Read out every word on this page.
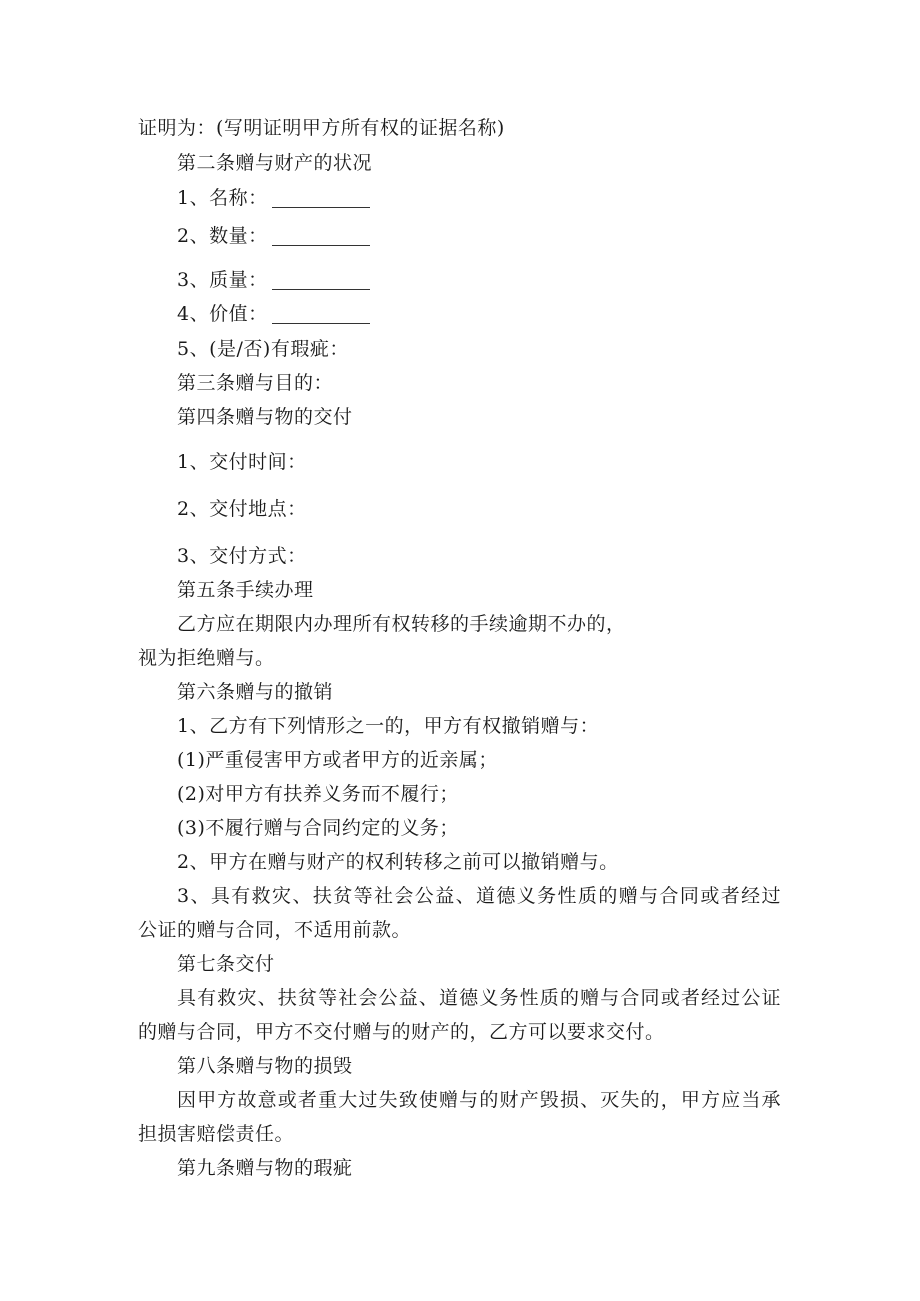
证明为：(写明证明甲方所有权的证据名称)
第二条赠与财产的状况
1、名称：
2、数量：
3、质量：
4、价值：
5、(是/否)有瑕疵：
第三条赠与目的：
第四条赠与物的交付
1、交付时间：
2、交付地点：
3、交付方式：
第五条手续办理
乙方应在期限内办理所有权转移的手续逾期不办的，
视为拒绝赠与。
第六条赠与的撤销
1、乙方有下列情形之一的，甲方有权撤销赠与：
(1)严重侵害甲方或者甲方的近亲属；
(2)对甲方有扶养义务而不履行；
(3)不履行赠与合同约定的义务；
2、甲方在赠与财产的权利转移之前可以撤销赠与。
3、具有救灾、扶贫等社会公益、道德义务性质的赠与合同或者经过
公证的赠与合同，不适用前款。
第七条交付
具有救灾、扶贫等社会公益、道德义务性质的赠与合同或者经过公证
的赠与合同，甲方不交付赠与的财产的，乙方可以要求交付。
第八条赠与物的损毁
因甲方故意或者重大过失致使赠与的财产毁损、灭失的，甲方应当承
担损害赔偿责任。
第九条赠与物的瑕疵
